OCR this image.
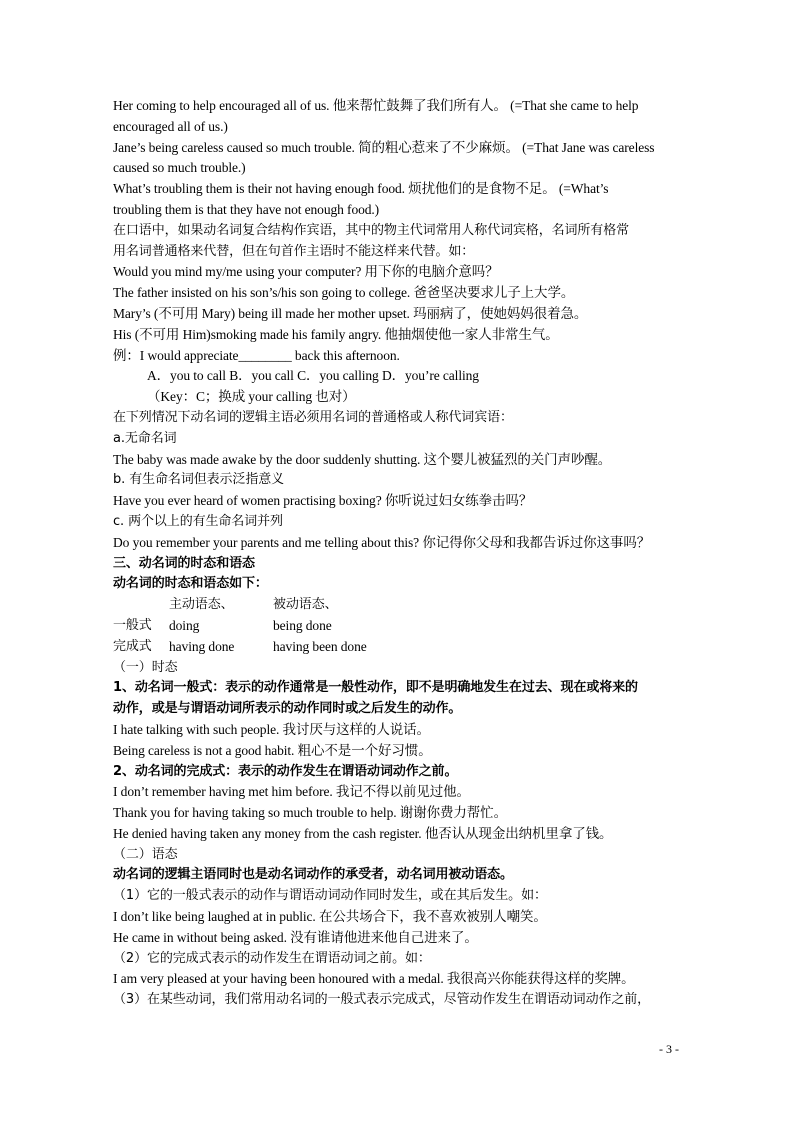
Her coming to help encouraged all of us. 他来帮忙鼓舞了我们所有人。 (=That she came to help
encouraged all of us.)
Jane’s being careless caused so much trouble. 简的粗心惹来了不少麻烦。 (=That Jane was careless
caused so much trouble.)
What’s troubling them is their not having enough food. 烦扰他们的是食物不足。 (=What’s
troubling them is that they have not enough food.)
在口语中，如果动名词复合结构作宾语，其中的物主代词常用人称代词宾格，名词所有格常
用名词普通格来代替，但在句首作主语时不能这样来代替。如：
Would you mind my/me using your computer? 用下你的电脑介意吗？
The father insisted on his son’s/his son going to college. 爸爸坚决要求儿子上大学。
Mary’s (不可用 Mary) being ill made her mother upset. 玛丽病了，使她妈妈很着急。
His (不可用 Him)smoking made his family angry. 他抽烟使他一家人非常生气。
例：I would appreciate________ back this afternoon.
A．you to call B．you call C．you calling D．you’re calling
（Key：C；换成 your calling 也对）
在下列情况下动名词的逻辑主语必须用名词的普通格或人称代词宾语：
a.无命名词
The baby was made awake by the door suddenly shutting. 这个婴儿被猛烈的关门声吵醒。
b. 有生命名词但表示泛指意义
Have you ever heard of women practising boxing? 你听说过妇女练拳击吗？
c. 两个以上的有生命名词并列
Do you remember your parents and me telling about this? 你记得你父母和我都告诉过你这事吗？
三、动名词的时态和语态
动名词的时态和语态如下：
主动语态、	被动语态、
一般式	doing	being done
完成式	having done	having been done
（一）时态
1、动名词一般式：表示的动作通常是一般性动作，即不是明确地发生在过去、现在或将来的
动作，或是与谓语动词所表示的动作同时或之后发生的动作。
I hate talking with such people. 我讨厌与这样的人说话。
Being careless is not a good habit. 粗心不是一个好习惯。
2、动名词的完成式：表示的动作发生在谓语动词动作之前。
I don’t remember having met him before. 我记不得以前见过他。
Thank you for having taking so much trouble to help. 谢谢你费力帮忙。
He denied having taken any money from the cash register. 他否认从现金出纳机里拿了钱。
（二）语态
动名词的逻辑主语同时也是动名词动作的承受者，动名词用被动语态。
（1）它的一般式表示的动作与谓语动词动作同时发生，或在其后发生。如：
I don’t like being laughed at in public. 在公共场合下，我不喜欢被别人嘲笑。
He came in without being asked. 没有谁请他进来他自己进来了。
（2）它的完成式表示的动作发生在谓语动词之前。如：
I am very pleased at your having been honoured with a medal. 我很高兴你能获得这样的奖牌。
（3）在某些动词，我们常用动名词的一般式表示完成式，尽管动作发生在谓语动词动作之前，
- 3 -
